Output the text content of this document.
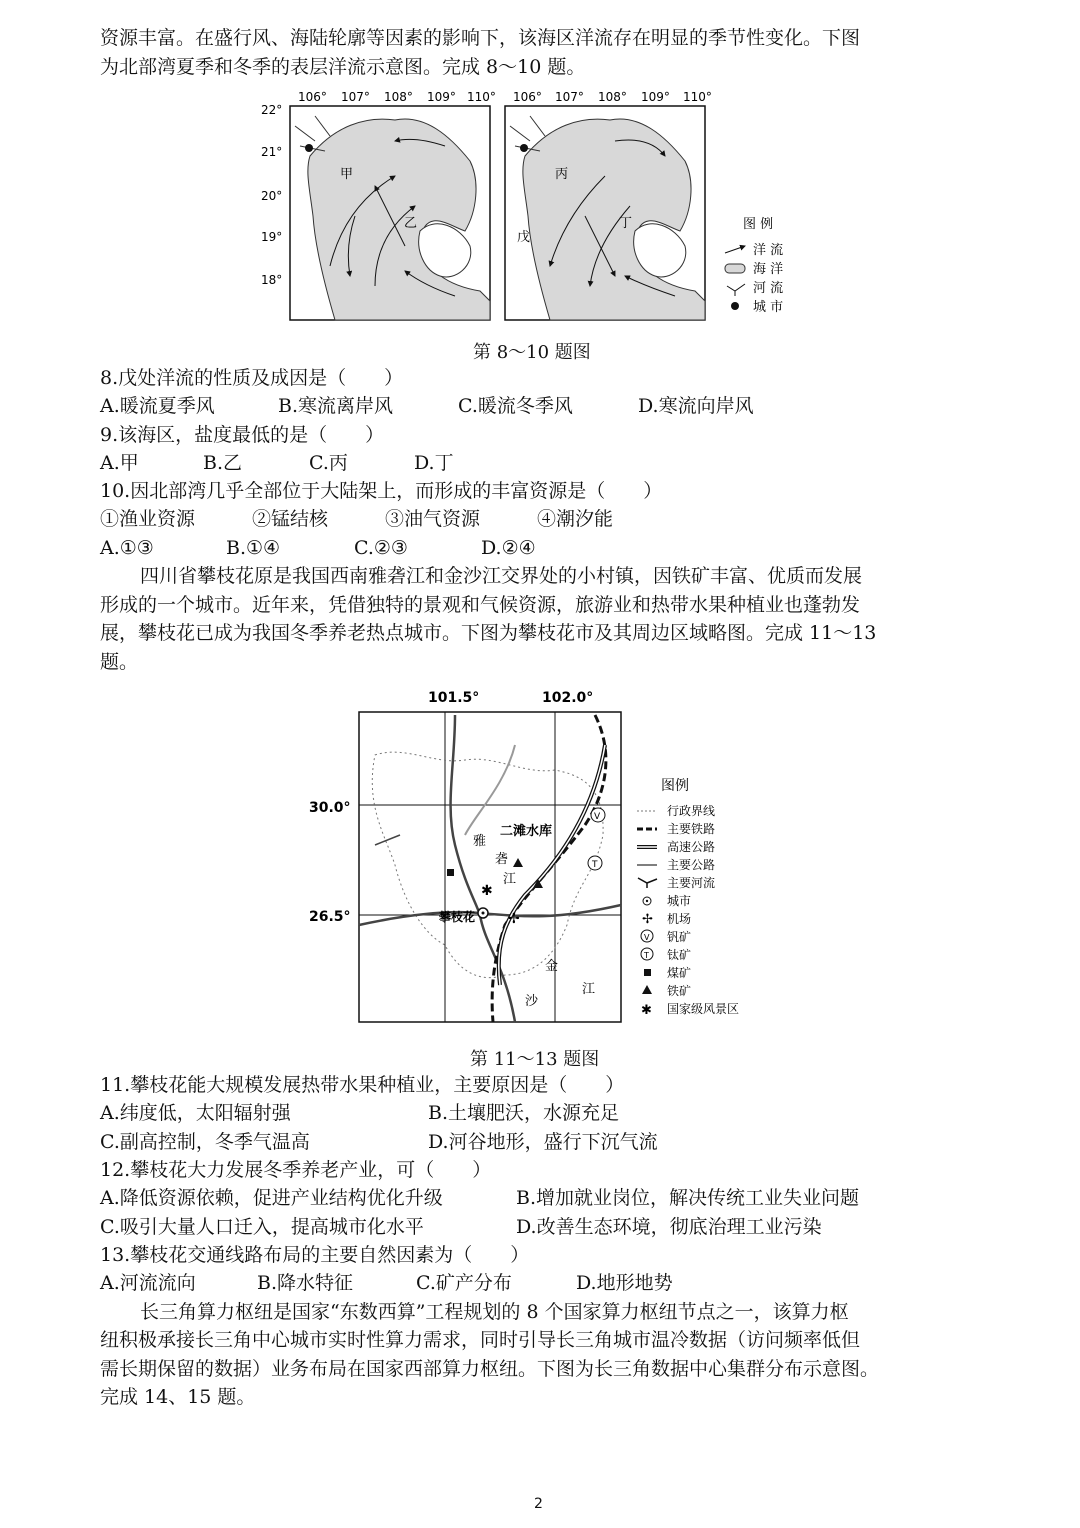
资源丰富。在盛行风、海陆轮廓等因素的影响下，该海区洋流存在明显的季节性变化。下图
为北部湾夏季和冬季的表层洋流示意图。完成 8～10 题。
106° 107° 108° 109° 110°
22°
21°
20°
19°
18°
甲
乙
106° 107° 108° 109° 110°
丙
丁
戊
图 例
洋 流
海 洋
河 流
城 市
第 8～10 题图
8.戊处洋流的性质及成因是（　　）
A.暖流夏季风	B.寒流离岸风	C.暖流冬季风	D.寒流向岸风
9.该海区，盐度最低的是（　　）
A.甲	B.乙	C.丙	D.丁
10.因北部湾几乎全部位于大陆架上，而形成的丰富资源是（　　）
①渔业资源　　　②锰结核　　　③油气资源　　　④潮汐能
A.①③	B.①④	C.②③	D.②④
四川省攀枝花原是我国西南雅砻江和金沙江交界处的小村镇，因铁矿丰富、优质而发展
形成的一个城市。近年来，凭借独特的景观和气候资源，旅游业和热带水果种植业也蓬勃发
展，攀枝花已成为我国冬季养老热点城市。下图为攀枝花市及其周边区域略图。完成 11～13
题。
101.5°	102.0°
30.0°
26.5°
V
T
✱
✢
二滩水库
雅
砻
江
攀枝花
金
沙
江
图例
行政界线
主要铁路
高速公路
主要公路
主要河流
城市
✢ 机场
V 钒矿
T 钛矿
煤矿
铁矿
✱ 国家级风景区
第 11～13 题图
11.攀枝花能大规模发展热带水果种植业，主要原因是（　　）
A.纬度低，太阳辐射强	B.土壤肥沃，水源充足
C.副高控制，冬季气温高	D.河谷地形，盛行下沉气流
12.攀枝花大力发展冬季养老产业，可（　　）
A.降低资源依赖，促进产业结构优化升级	B.增加就业岗位，解决传统工业失业问题
C.吸引大量人口迁入，提高城市化水平	D.改善生态环境，彻底治理工业污染
13.攀枝花交通线路布局的主要自然因素为（　　）
A.河流流向	B.降水特征	C.矿产分布	D.地形地势
长三角算力枢纽是国家“东数西算”工程规划的 8 个国家算力枢纽节点之一，该算力枢
纽积极承接长三角中心城市实时性算力需求，同时引导长三角城市温冷数据（访问频率低但
需长期保留的数据）业务布局在国家西部算力枢纽。下图为长三角数据中心集群分布示意图。
完成 14、15 题。
2
